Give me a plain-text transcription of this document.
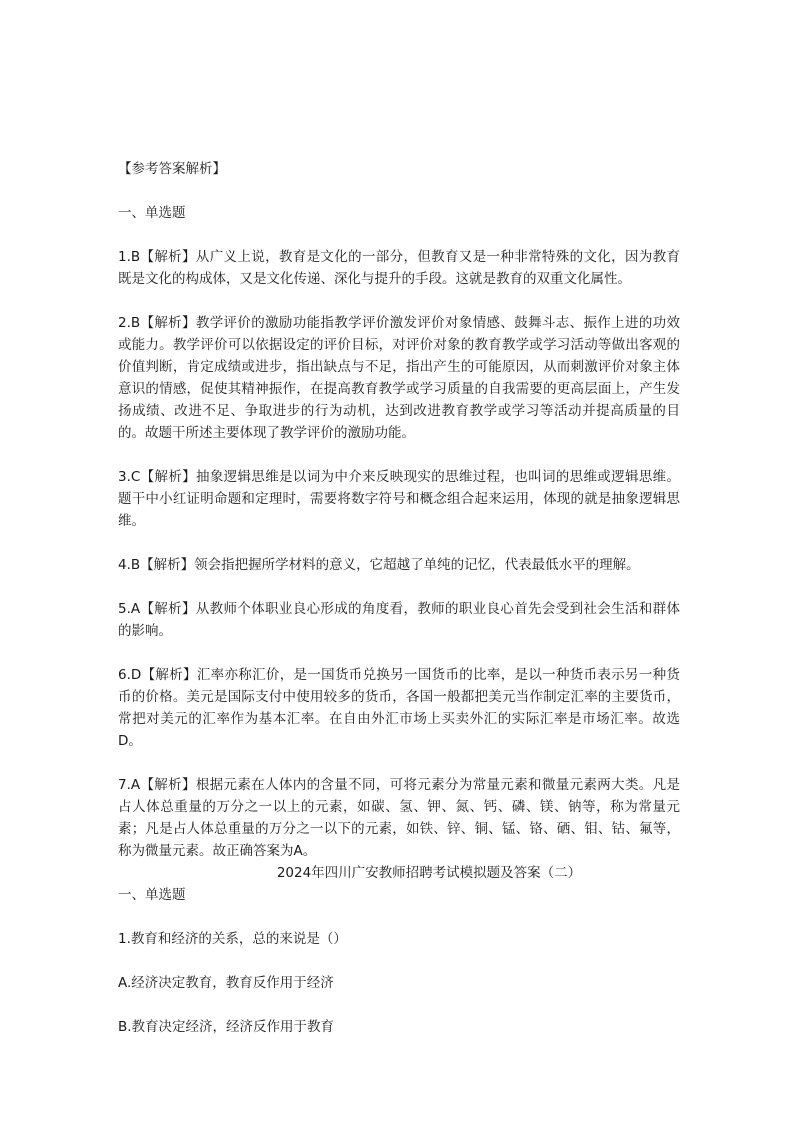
【参考答案解析】

一、单选题

1.B【解析】从广义上说，教育是文化的一部分，但教育又是一种非常特殊的文化，因为教育既是文化的构成体，又是文化传递、深化与提升的手段。这就是教育的双重文化属性。

2.B【解析】教学评价的激励功能指教学评价激发评价对象情感、鼓舞斗志、振作上进的功效或能力。教学评价可以依据设定的评价目标，对评价对象的教育教学或学习活动等做出客观的价值判断，肯定成绩或进步，指出缺点与不足，指出产生的可能原因，从而刺激评价对象主体意识的情感，促使其精神振作，在提高教育教学或学习质量的自我需要的更高层面上，产生发扬成绩、改进不足、争取进步的行为动机，达到改进教育教学或学习等活动并提高质量的目的。故题干所述主要体现了教学评价的激励功能。

3.C【解析】抽象逻辑思维是以词为中介来反映现实的思维过程，也叫词的思维或逻辑思维。题干中小红证明命题和定理时，需要将数字符号和概念组合起来运用，体现的就是抽象逻辑思维。

4.B【解析】领会指把握所学材料的意义，它超越了单纯的记忆，代表最低水平的理解。

5.A【解析】从教师个体职业良心形成的角度看，教师的职业良心首先会受到社会生活和群体的影响。

6.D【解析】汇率亦称汇价，是一国货币兑换另一国货币的比率，是以一种货币表示另一种货币的价格。美元是国际支付中使用较多的货币，各国一般都把美元当作制定汇率的主要货币，常把对美元的汇率作为基本汇率。在自由外汇市场上买卖外汇的实际汇率是市场汇率。故选D。

7.A【解析】根据元素在人体内的含量不同，可将元素分为常量元素和微量元素两大类。凡是占人体总重量的万分之一以上的元素，如碳、氢、钾、氮、钙、磷、镁、钠等，称为常量元素；凡是占人体总重量的万分之一以下的元素，如铁、锌、铜、锰、铬、硒、钼、钴、氟等，称为微量元素。故正确答案为A。

2024年四川广安教师招聘考试模拟题及答案（二）

一、单选题

1.教育和经济的关系，总的来说是（）

A.经济决定教育，教育反作用于经济

B.教育决定经济，经济反作用于教育
